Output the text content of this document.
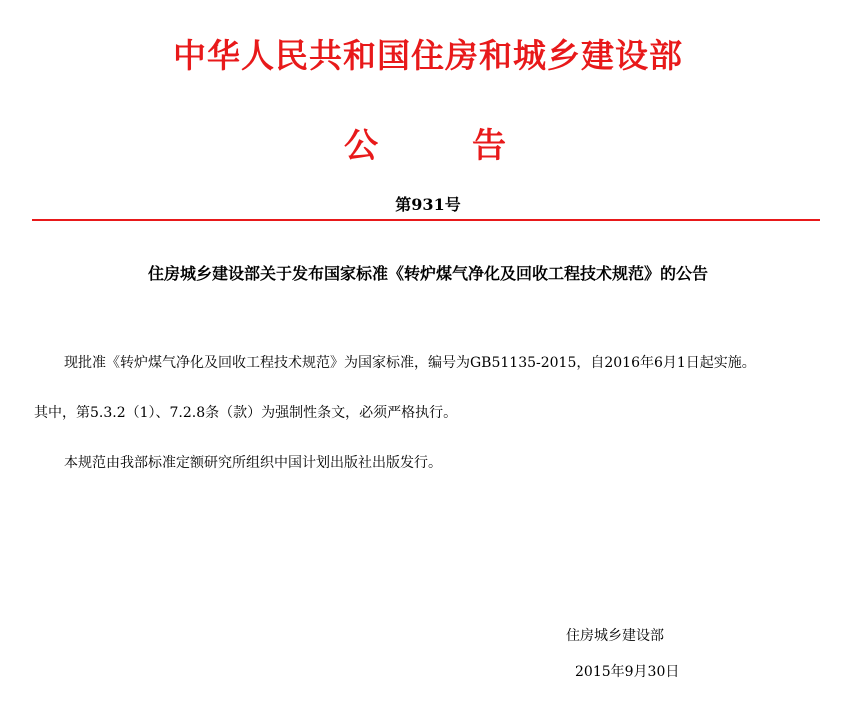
中华人民共和国住房和城乡建设部
公	告
第931号
住房城乡建设部关于发布国家标准《转炉煤气净化及回收工程技术规范》的公告
现批准《转炉煤气净化及回收工程技术规范》为国家标准，编号为GB51135-2015，自2016年6月1日起实施。
其中，第5.3.2（1）、7.2.8条（款）为强制性条文，必须严格执行。
本规范由我部标准定额研究所组织中国计划出版社出版发行。
住房城乡建设部
2015年9月30日
